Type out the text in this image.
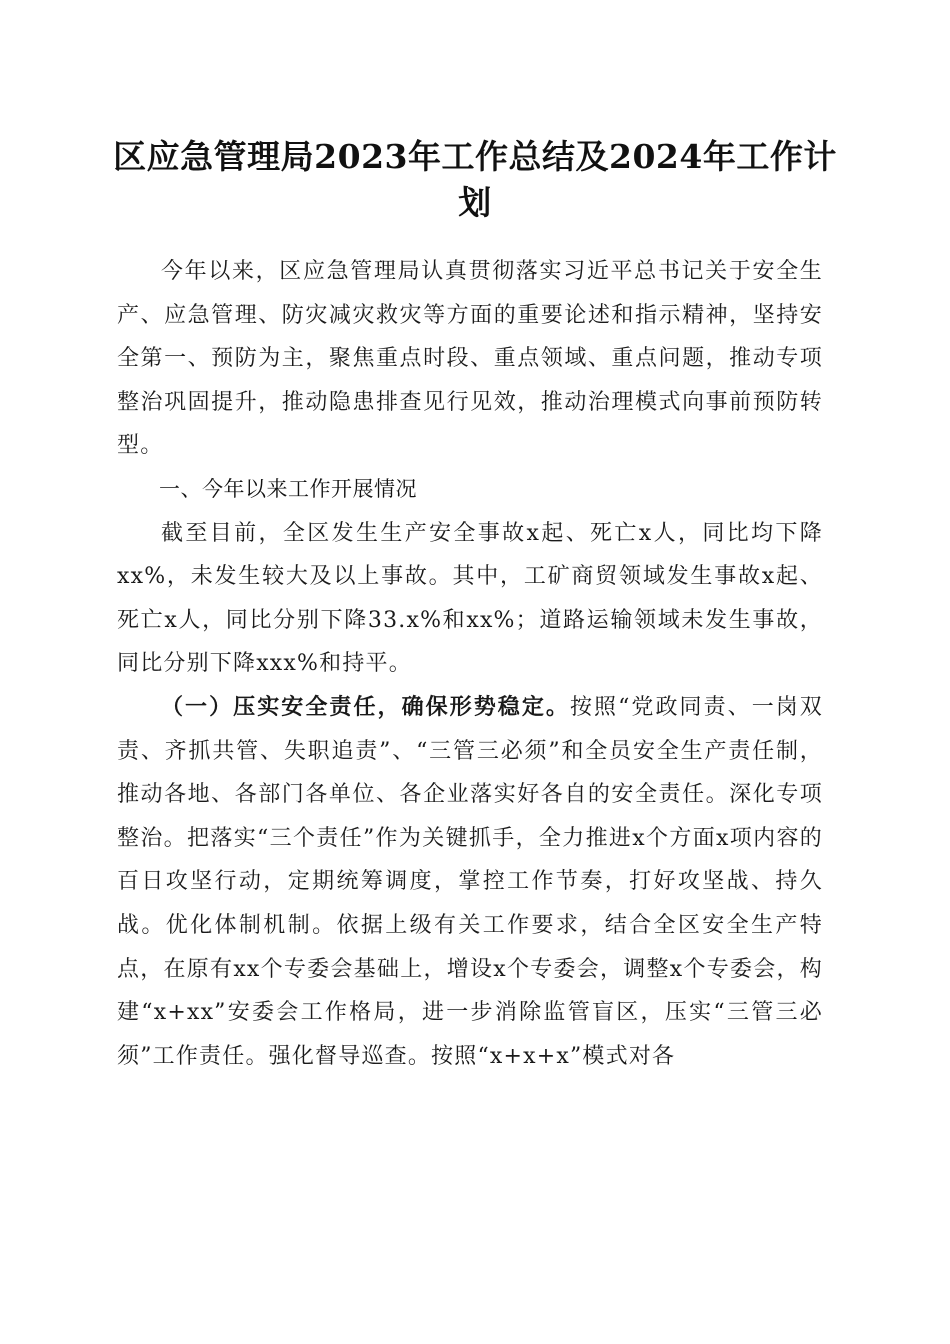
区应急管理局2023年工作总结及2024年工作计划

今年以来，区应急管理局认真贯彻落实习近平总书记关于安全生产、应急管理、防灾减灾救灾等方面的重要论述和指示精神，坚持安全第一、预防为主，聚焦重点时段、重点领域、重点问题，推动专项整治巩固提升，推动隐患排查见行见效，推动治理模式向事前预防转型。

一、今年以来工作开展情况

截至目前，全区发生生产安全事故x起、死亡x人，同比均下降xx%，未发生较大及以上事故。其中，工矿商贸领域发生事故x起、死亡x人，同比分别下降33.x%和xx%；道路运输领域未发生事故，同比分别下降xxx%和持平。

（一）压实安全责任，确保形势稳定。按照“党政同责、一岗双责、齐抓共管、失职追责”、“三管三必须”和全员安全生产责任制，推动各地、各部门各单位、各企业落实好各自的安全责任。深化专项整治。把落实“三个责任”作为关键抓手，全力推进x个方面x项内容的百日攻坚行动，定期统筹调度，掌控工作节奏，打好攻坚战、持久战。优化体制机制。依据上级有关工作要求，结合全区安全生产特点，在原有xx个专委会基础上，增设x个专委会，调整x个专委会，构建“x+xx”安委会工作格局，进一步消除监管盲区，压实“三管三必须”工作责任。强化督导巡查。按照“x+x+x”模式对各
